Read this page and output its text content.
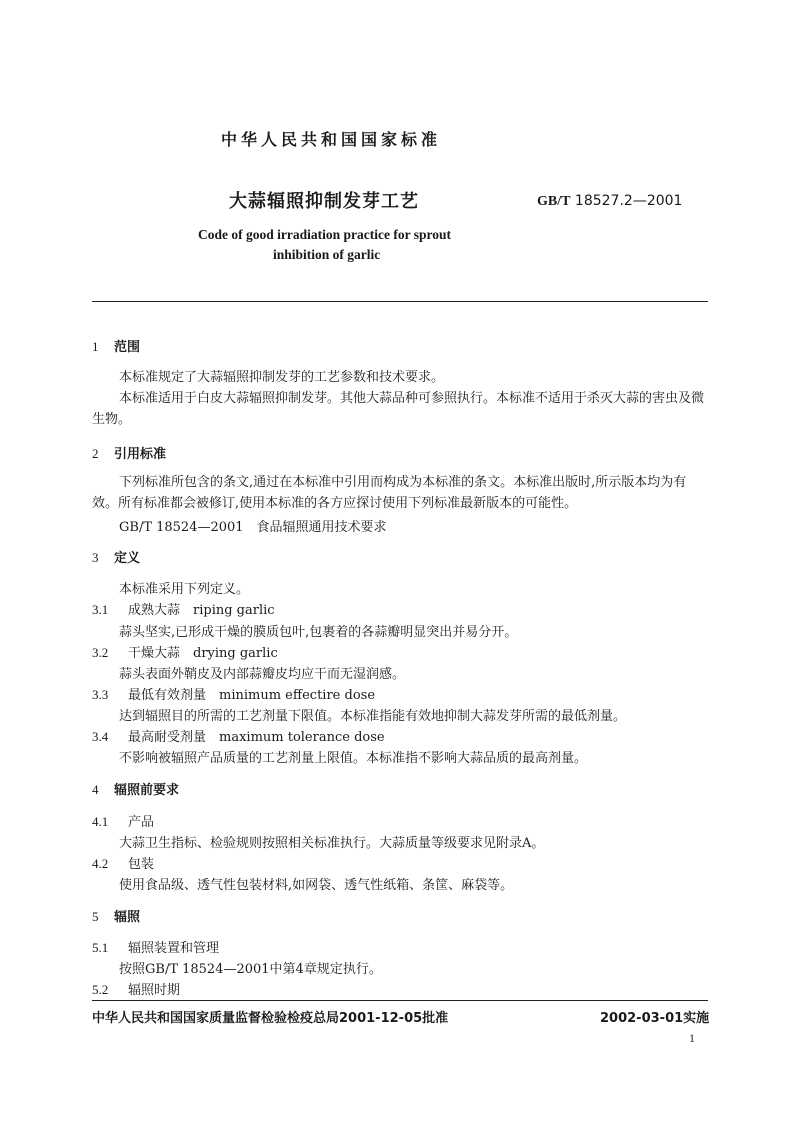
中华人民共和国国家标准
大蒜辐照抑制发芽工艺	GB/T 18527.2—2001
Code of good irradiation practice for sprout
inhibition of garlic
1 范围
本标准规定了大蒜辐照抑制发芽的工艺参数和技术要求。
本标准适用于白皮大蒜辐照抑制发芽。其他大蒜品种可参照执行。本标准不适用于杀灭大蒜的害虫及微生物。
2 引用标准
下列标准所包含的条文,通过在本标准中引用而构成为本标准的条文。本标准出版时,所示版本均为有效。所有标准都会被修订,使用本标准的各方应探讨使用下列标准最新版本的可能性。
GB/T 18524—2001　食品辐照通用技术要求
3 定义
本标准采用下列定义。
3.1 成熟大蒜　riping garlic
蒜头坚实,已形成干燥的膜质包叶,包裹着的各蒜瓣明显突出并易分开。
3.2 干燥大蒜　drying garlic
蒜头表面外鞘皮及内部蒜瓣皮均应干而无湿润感。
3.3 最低有效剂量　minimum effectire dose
达到辐照目的所需的工艺剂量下限值。本标准指能有效地抑制大蒜发芽所需的最低剂量。
3.4 最高耐受剂量　maximum tolerance dose
不影响被辐照产品质量的工艺剂量上限值。本标准指不影响大蒜品质的最高剂量。
4 辐照前要求
4.1 产品
大蒜卫生指标、检验规则按照相关标准执行。大蒜质量等级要求见附录A。
4.2 包装
使用食品级、透气性包装材料,如网袋、透气性纸箱、条筐、麻袋等。
5 辐照
5.1 辐照装置和管理
按照GB/T 18524—2001中第4章规定执行。
5.2 辐照时期
中华人民共和国国家质量监督检验检疫总局2001-12-05批准	2002-03-01实施
1
